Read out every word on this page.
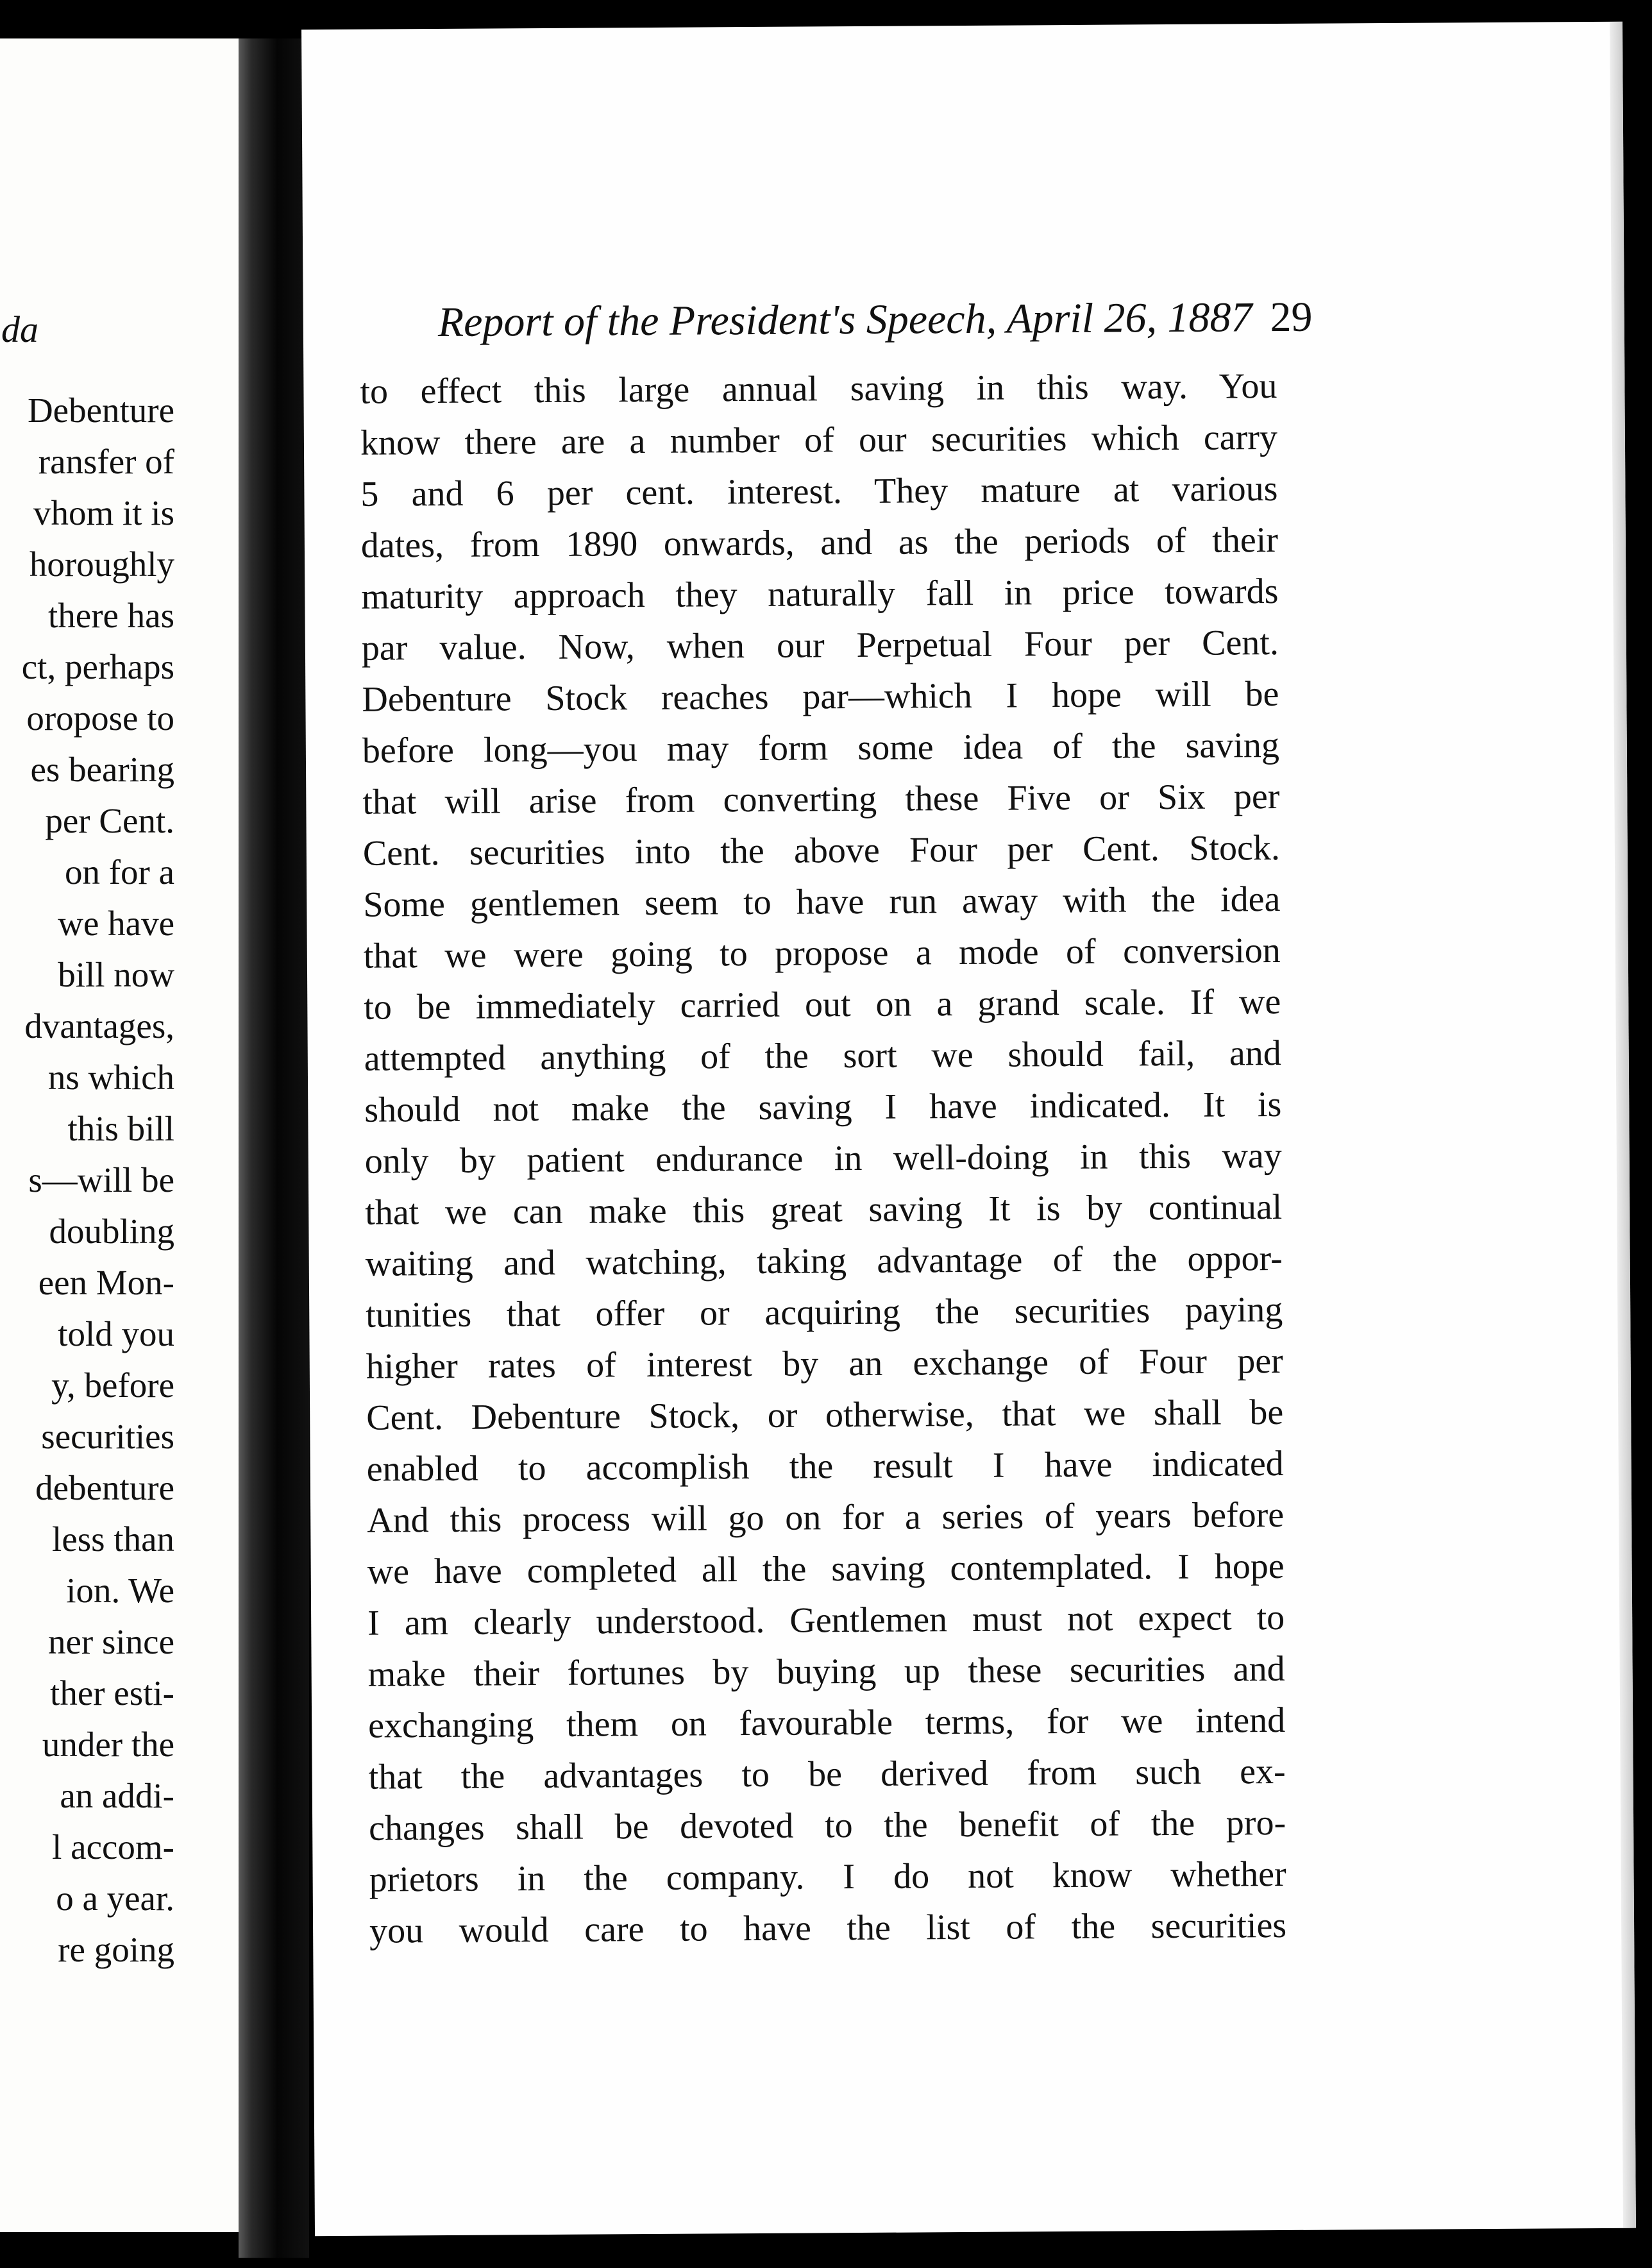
da
Debenture
ransfer of
vhom it is
horoughly
there has
ct, perhaps
oropose to
es bearing
per Cent.
on for a
we have
bill now
dvantages,
ns which
this bill
s—will be
doubling
een Mon-
told you
y, before
securities
debenture
less than
ion. We
ner since
ther esti-
under the
an addi-
l accom-
o a year.
re going
Report of the President's Speech, April 26, 1887 29
to effect this large annual saving in this way. You
know there are a number of our securities which carry
5 and 6 per cent. interest. They mature at various
dates, from 1890 onwards, and as the periods of their
maturity approach they naturally fall in price towards
par value. Now, when our Perpetual Four per Cent.
Debenture Stock reaches par—which I hope will be
before long—you may form some idea of the saving
that will arise from converting these Five or Six per
Cent. securities into the above Four per Cent. Stock.
Some gentlemen seem to have run away with the idea
that we were going to propose a mode of conversion
to be immediately carried out on a grand scale. If we
attempted anything of the sort we should fail, and
should not make the saving I have indicated. It is
only by patient endurance in well-doing in this way
that we can make this great saving It is by continual
waiting and watching, taking advantage of the oppor-
tunities that offer or acquiring the securities paying
higher rates of interest by an exchange of Four per
Cent. Debenture Stock, or otherwise, that we shall be
enabled to accomplish the result I have indicated
And this process will go on for a series of years before
we have completed all the saving contemplated. I hope
I am clearly understood. Gentlemen must not expect to
make their fortunes by buying up these securities and
exchanging them on favourable terms, for we intend
that the advantages to be derived from such ex-
changes shall be devoted to the benefit of the pro-
prietors in the company. I do not know whether
you would care to have the list of the securities
